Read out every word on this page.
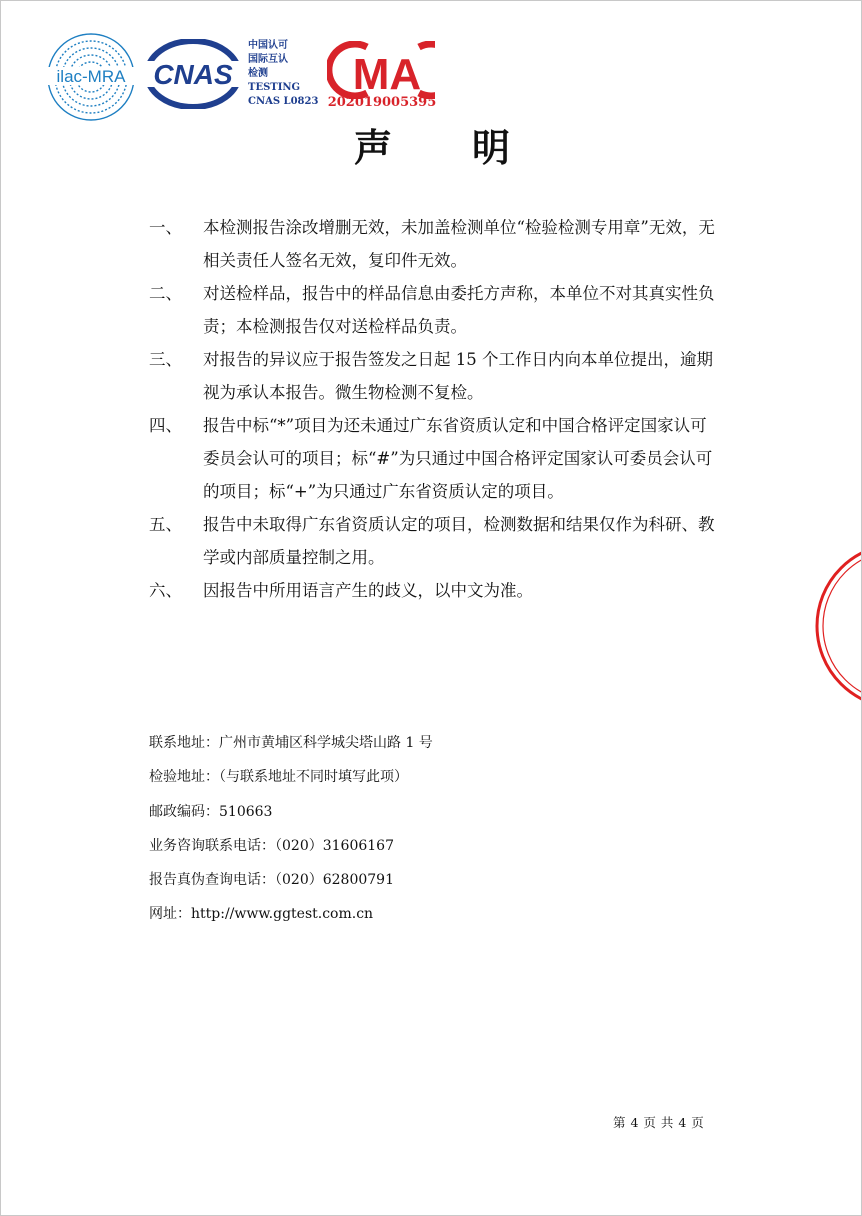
ilac-MRA CNAS
中国认可
国际互认
检测
TESTING
CNAS L0823
MA
202019005395
声明
一、	本检测报告涂改增删无效，未加盖检测单位“检验检测专用章”无效，无相关责任人签名无效，复印件无效。
二、	对送检样品，报告中的样品信息由委托方声称，本单位不对其真实性负责；本检测报告仅对送检样品负责。
三、	对报告的异议应于报告签发之日起 15 个工作日内向本单位提出，逾期视为承认本报告。微生物检测不复检。
四、	报告中标“*”项目为还未通过广东省资质认定和中国合格评定国家认可委员会认可的项目；标“#”为只通过中国合格评定国家认可委员会认可的项目；标“+”为只通过广东省资质认定的项目。
五、	报告中未取得广东省资质认定的项目，检测数据和结果仅作为科研、教学或内部质量控制之用。
六、	因报告中所用语言产生的歧义，以中文为准。
联系地址：广州市黄埔区科学城尖塔山路 1 号
检验地址：（与联系地址不同时填写此项）
邮政编码：510663
业务咨询联系电话：（020）31606167
报告真伪查询电话：（020）62800791
网址：http://www.ggtest.com.cn
第 4 页 共 4 页
